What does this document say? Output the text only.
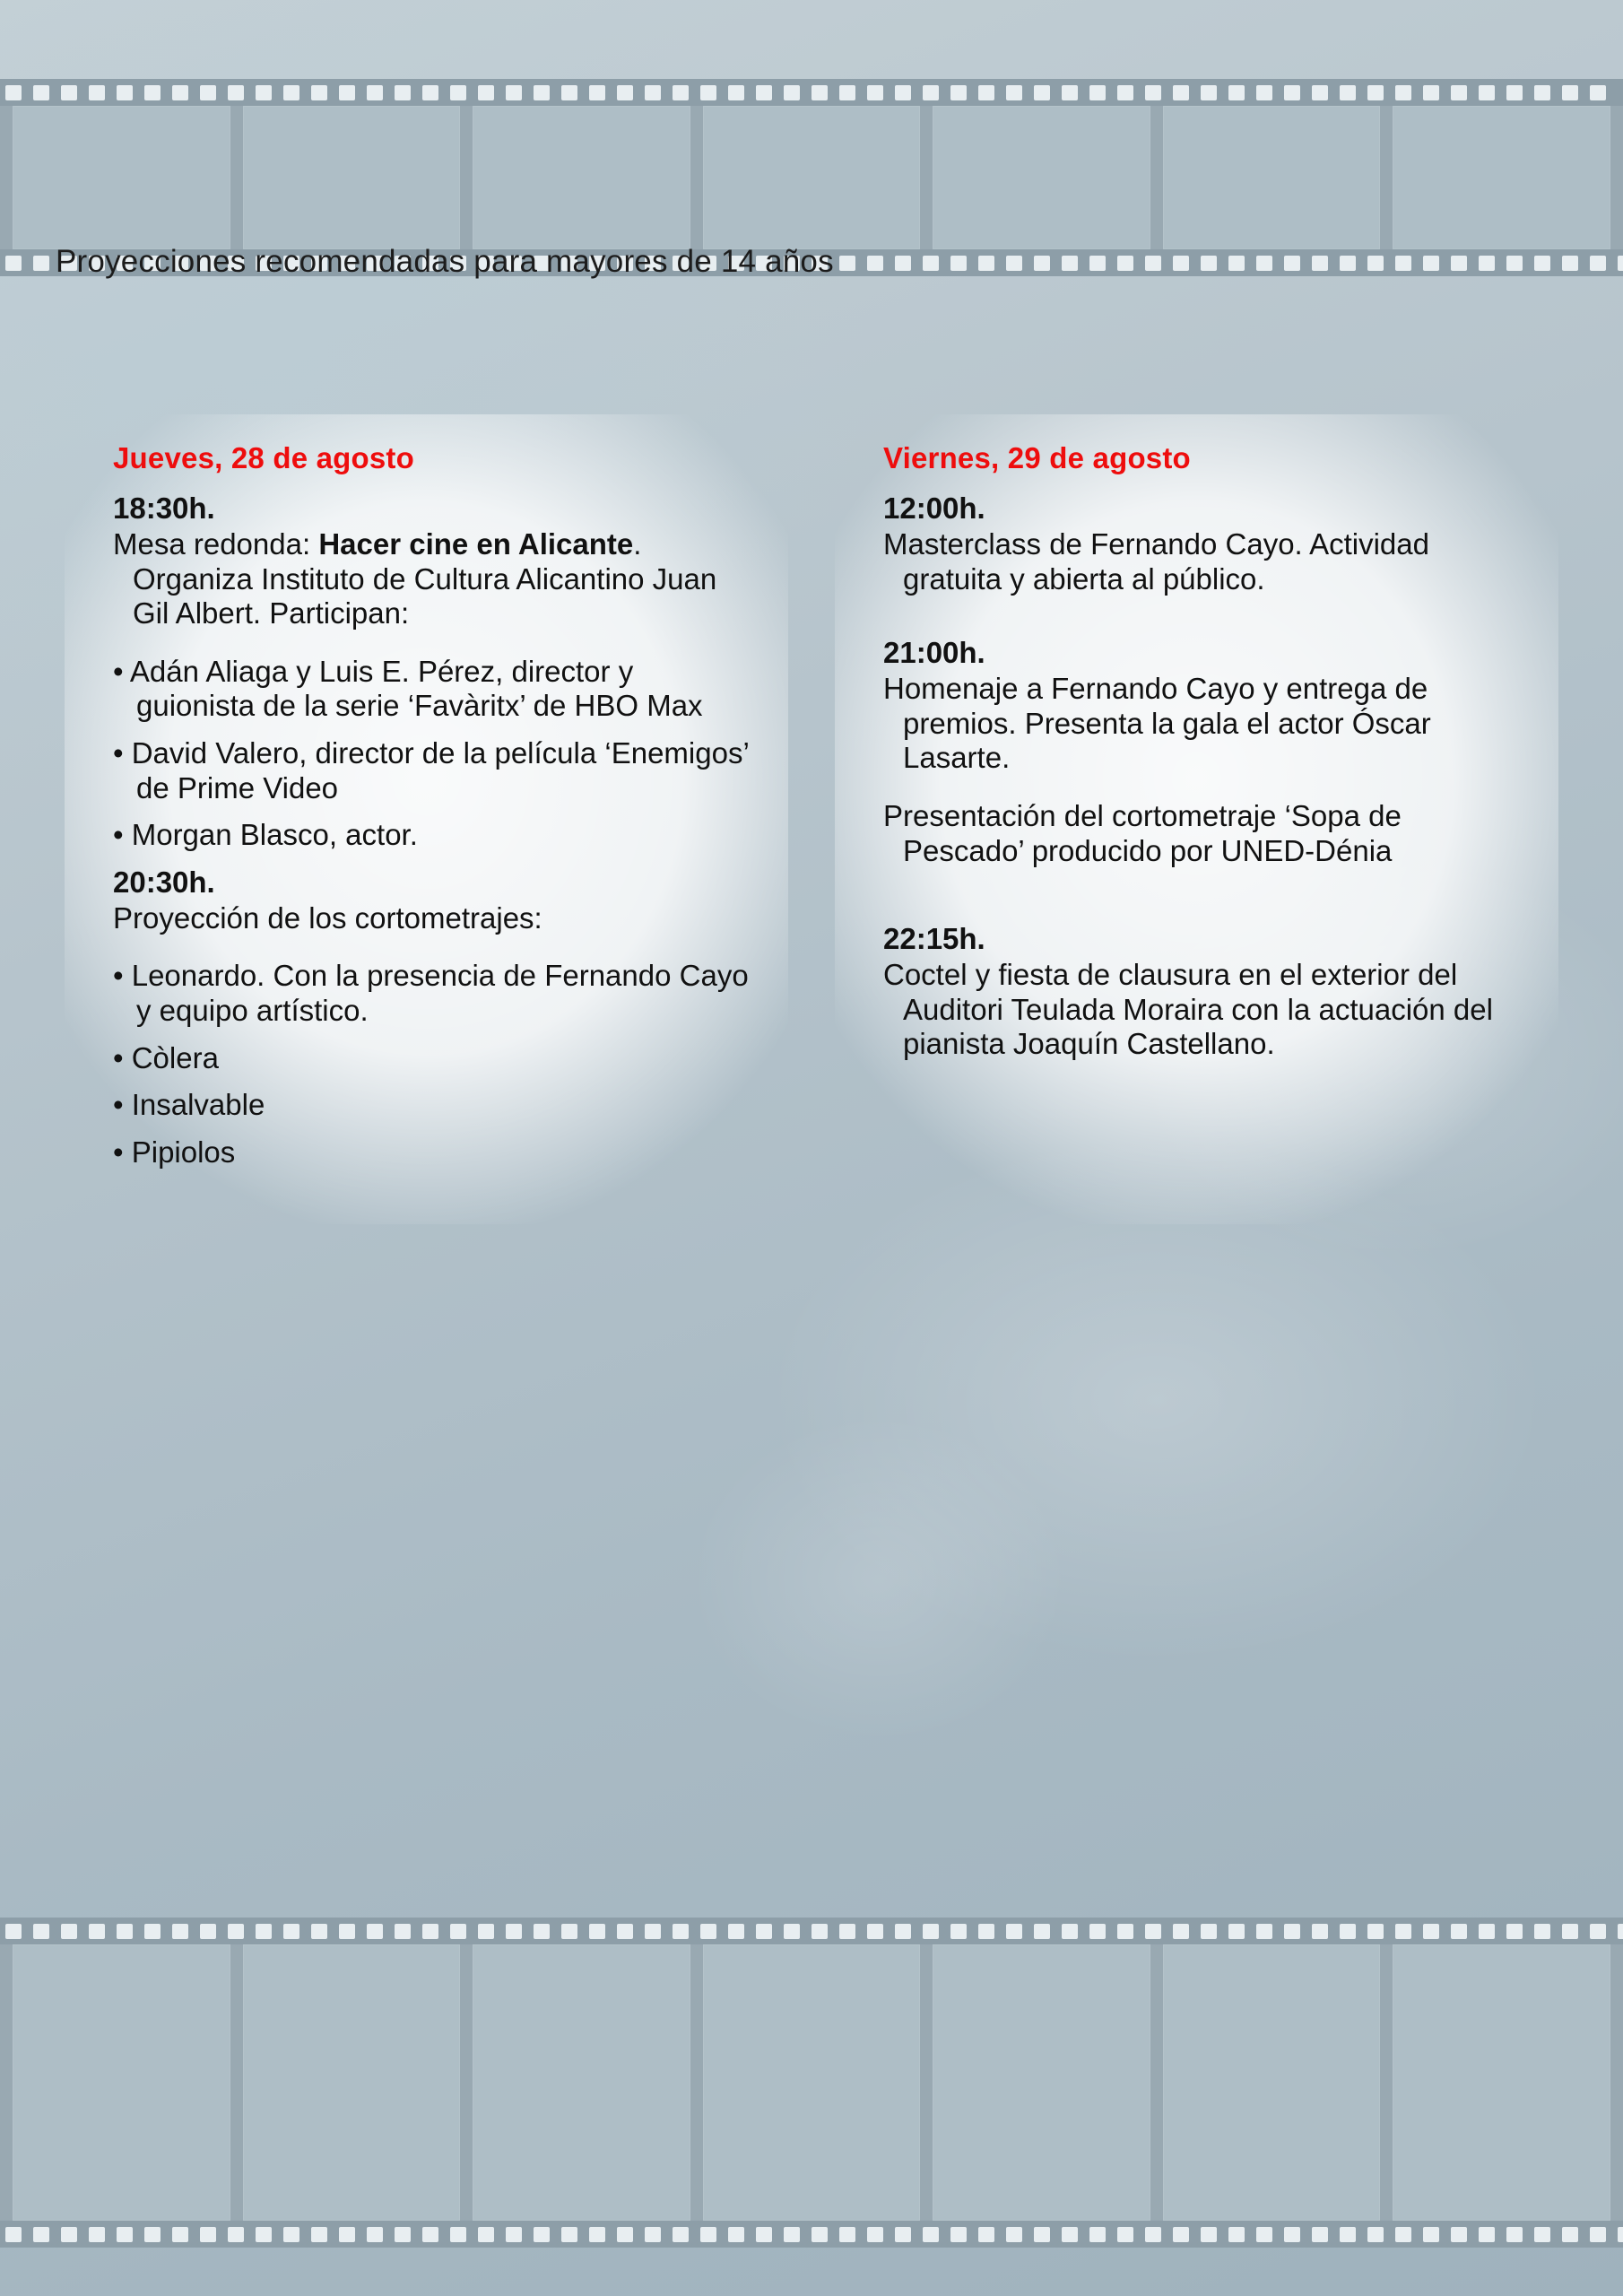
Proyecciones recomendadas para mayores de 14 años
Jueves, 28 de agosto
18:30h.
Mesa redonda: Hacer cine en Alicante. Organiza Instituto de Cultura Alicantino Juan Gil Albert. Participan:
• Adán Aliaga y Luis E. Pérez, director y guionista de la serie ‘Favàritx’ de HBO Max
• David Valero, director de la película ‘Enemigos’ de Prime Video
• Morgan Blasco, actor.
20:30h.
Proyección de los cortometrajes:
• Leonardo. Con la presencia de Fernando Cayo y equipo artístico.
• Còlera
• Insalvable
• Pipiolos
Viernes, 29 de agosto
12:00h.
Masterclass de Fernando Cayo. Actividad gratuita y abierta al público.
21:00h.
Homenaje a Fernando Cayo y entrega de premios. Presenta la gala el actor Óscar Lasarte.
Presentación del cortometraje ‘Sopa de Pescado’ producido por UNED-Dénia
22:15h.
Coctel y fiesta de clausura en el exterior del Auditori Teulada Moraira con la actuación del pianista Joaquín Castellano.
